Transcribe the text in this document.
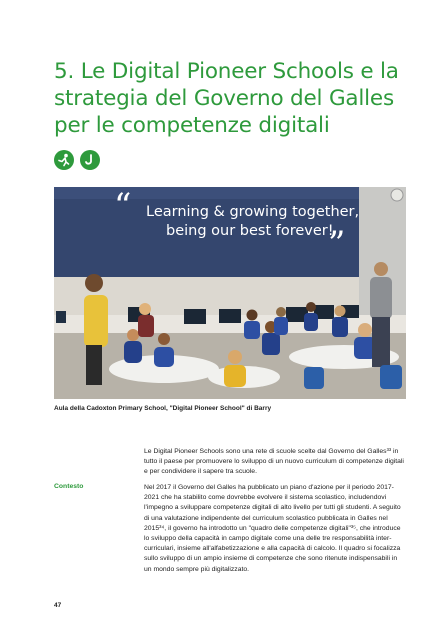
5. Le Digital Pioneer Schools e la strategia del Governo del Galles per le competenze digitali
“
”
Learning & growing together,
being our best forever!
Aula della Cadoxton Primary School, "Digital Pioneer School" di Barry
Le Digital Pioneer Schools sono una rete di scuole scelte dal Governo del Galles³³ in tutto il paese per promuovere lo sviluppo di un nuovo curriculum di competenze digitali e per condividere il sapere tra scuole.
Contesto	Nel 2017 il Governo del Galles ha pubblicato un piano d'azione per il periodo 2017-2021 che ha stabilito come dovrebbe evolvere il sistema scolastico, includendovi l'impegno a sviluppare competenze digitali di alto livello per tutti gli studenti. A seguito di una valutazione indipendente del curriculum scolastico pubblicata in Galles nel 2015³⁴, il governo ha introdotto un "quadro delle competenze digitali"³⁵, che introduce lo sviluppo della capacità in campo digitale come una delle tre responsabilità inter-curriculari, insieme all'alfabetizzazione e alla capacità di calcolo. Il quadro si focalizza sullo sviluppo di un ampio insieme di competenze che sono ritenute indispensabili in un mondo sempre più digitalizzato.
47
